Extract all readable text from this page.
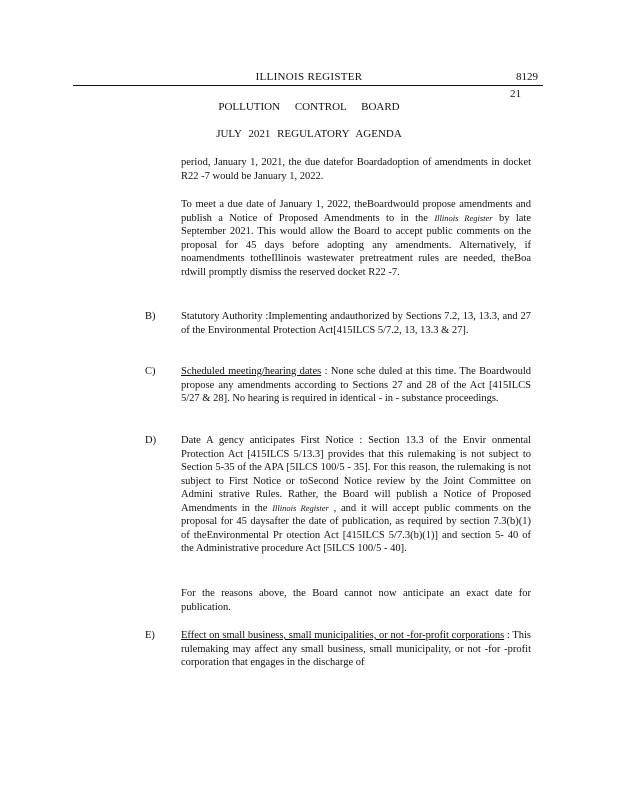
ILLINOIS REGISTER	8129
21
POLLUTION CONTROL BOARD
JULY 2021 REGULATORY AGENDA

period, January 1, 2021, the due datefor Boardadoption of amendments in docket R22 -7 would be January 1, 2022.

To meet a due date of January 1, 2022, theBoardwould propose amendments and publish a Notice of Proposed Amendments to in the Illinois Register by late September 2021. This would allow the Board to accept public comments on the proposal for 45 days before adopting any amendments. Alternatively, if noamendments totheIllinois wastewater pretreatment rules are needed, theBoa rdwill promptly dismiss the reserved docket R22 -7.

B) Statutory Authority :Implementing andauthorized by Sections 7.2, 13, 13.3, and 27 of the Environmental Protection Act[415ILCS 5/7.2, 13, 13.3 & 27].

C) Scheduled meeting/hearing dates : None sche duled at this time. The Boardwould propose any amendments according to Sections 27 and 28 of the Act [415ILCS 5/27 & 28]. No hearing is required in identical - in - substance proceedings.

D) Date A gency anticipates First Notice : Section 13.3 of the Envir onmental Protection Act [415ILCS 5/13.3] provides that this rulemaking is not subject to Section 5-35 of the APA [5ILCS 100/5 - 35]. For this reason, the rulemaking is not subject to First Notice or toSecond Notice review by the Joint Committee on Admini strative Rules. Rather, the Board will publish a Notice of Proposed Amendments in the Illinois Register , and it will accept public comments on the proposal for 45 daysafter the date of publication, as required by section 7.3(b)(1) of theEnvironmental Pr otection Act [415ILCS 5/7.3(b)(1)] and section 5- 40 of the Administrative procedure Act [5ILCS 100/5 - 40].

For the reasons above, the Board cannot now anticipate an exact date for publication.

E) Effect on small business, small municipalities, or not -for-profit corporations : This rulemaking may affect any small business, small municipality, or not -for -profit corporation that engages in the discharge of
